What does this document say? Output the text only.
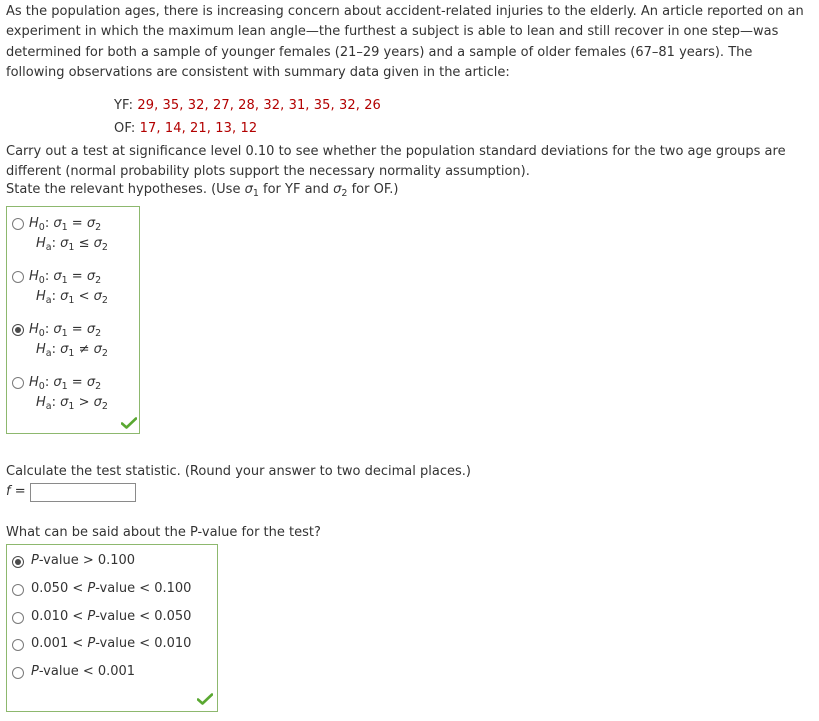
As the population ages, there is increasing concern about accident-related injuries to the elderly. An article reported on an experiment in which the maximum lean angle—the furthest a subject is able to lean and still recover in one step—was determined for both a sample of younger females (21–29 years) and a sample of older females (67–81 years). The following observations are consistent with summary data given in the article:

YF: 29, 35, 32, 27, 28, 32, 31, 35, 32, 26
OF: 17, 14, 21, 13, 12

Carry out a test at significance level 0.10 to see whether the population standard deviations for the two age groups are different (normal probability plots support the necessary normality assumption).

State the relevant hypotheses. (Use $\sigma_1$ for YF and $\sigma_2$ for OF.)
$H_0$: $\sigma_1 = \sigma_2$
$H_a$: $\sigma_1 \le \sigma_2$
$H_0$: $\sigma_1 = \sigma_2$
$H_a$: $\sigma_1 < \sigma_2$
$H_0$: $\sigma_1 = \sigma_2$
$H_a$: $\sigma_1 \ne \sigma_2$
$H_0$: $\sigma_1 = \sigma_2$
$H_a$: $\sigma_1 > \sigma_2$
Calculate the test statistic. (Round your answer to two decimal places.)
f =
What can be said about the P-value for the test?
P-value > 0.100
0.050 < P-value < 0.100
0.010 < P-value < 0.050
0.001 < P-value < 0.010
P-value < 0.001
